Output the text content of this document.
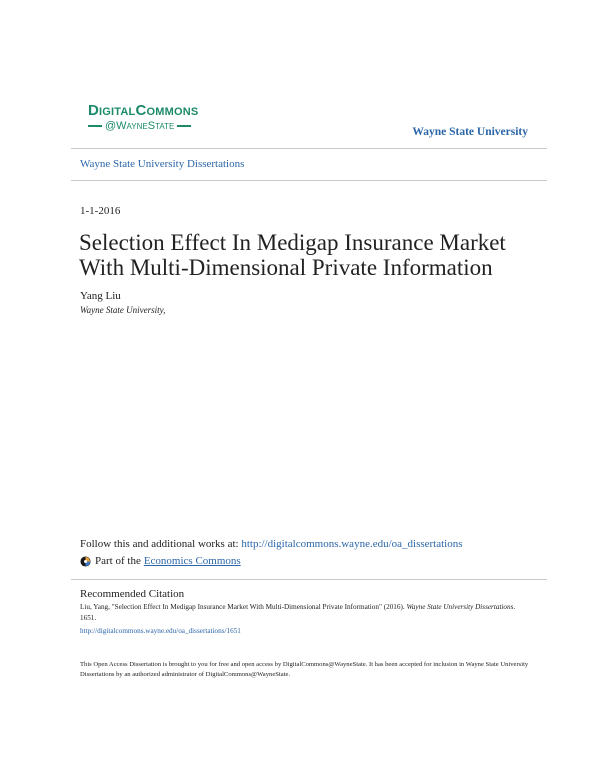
DigitalCommons
@WayneState	Wayne State University
Wayne State University Dissertations
1-1-2016
Selection Effect In Medigap Insurance Market With Multi-Dimensional Private Information
Yang Liu
Wayne State University,
Follow this and additional works at: http://digitalcommons.wayne.edu/oa_dissertations
Part of the Economics Commons
Recommended Citation
Liu, Yang, "Selection Effect In Medigap Insurance Market With Multi-Dimensional Private Information" (2016). Wayne State University Dissertations. 1651.
http://digitalcommons.wayne.edu/oa_dissertations/1651
This Open Access Dissertation is brought to you for free and open access by DigitalCommons@WayneState. It has been accepted for inclusion in Wayne State University Dissertations by an authorized administrator of DigitalCommons@WayneState.
